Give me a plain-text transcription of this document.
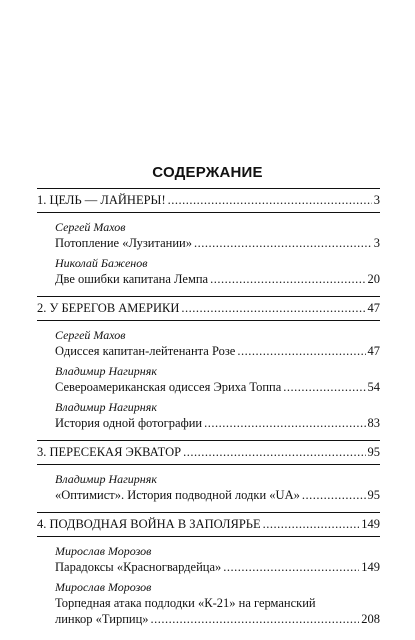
СОДЕРЖАНИЕ
1. ЦЕЛЬ — ЛАЙНЕРЫ! .....	3
Сергей Махов
Потопление «Лузитании» .....	3
Николай Баженов
Две ошибки капитана Лемпа .....	20
2. У БЕРЕГОВ АМЕРИКИ .....	47
Сергей Махов
Одиссея капитан-лейтенанта Розе .....	47
Владимир Нагирняк
Североамериканская одиссея Эриха Топпа .....	54
Владимир Нагирняк
История одной фотографии .....	83
3. ПЕРЕСЕКАЯ ЭКВАТОР .....	95
Владимир Нагирняк
«Оптимист». История подводной лодки «UA» .....	95
4. ПОДВОДНАЯ ВОЙНА В ЗАПОЛЯРЬЕ .....	149
Мирослав Морозов
Парадоксы «Красногвардейца» .....	149
Мирослав Морозов
Торпедная атака подлодки «К-21» на германский
линкор «Тирпиц» .....	208
